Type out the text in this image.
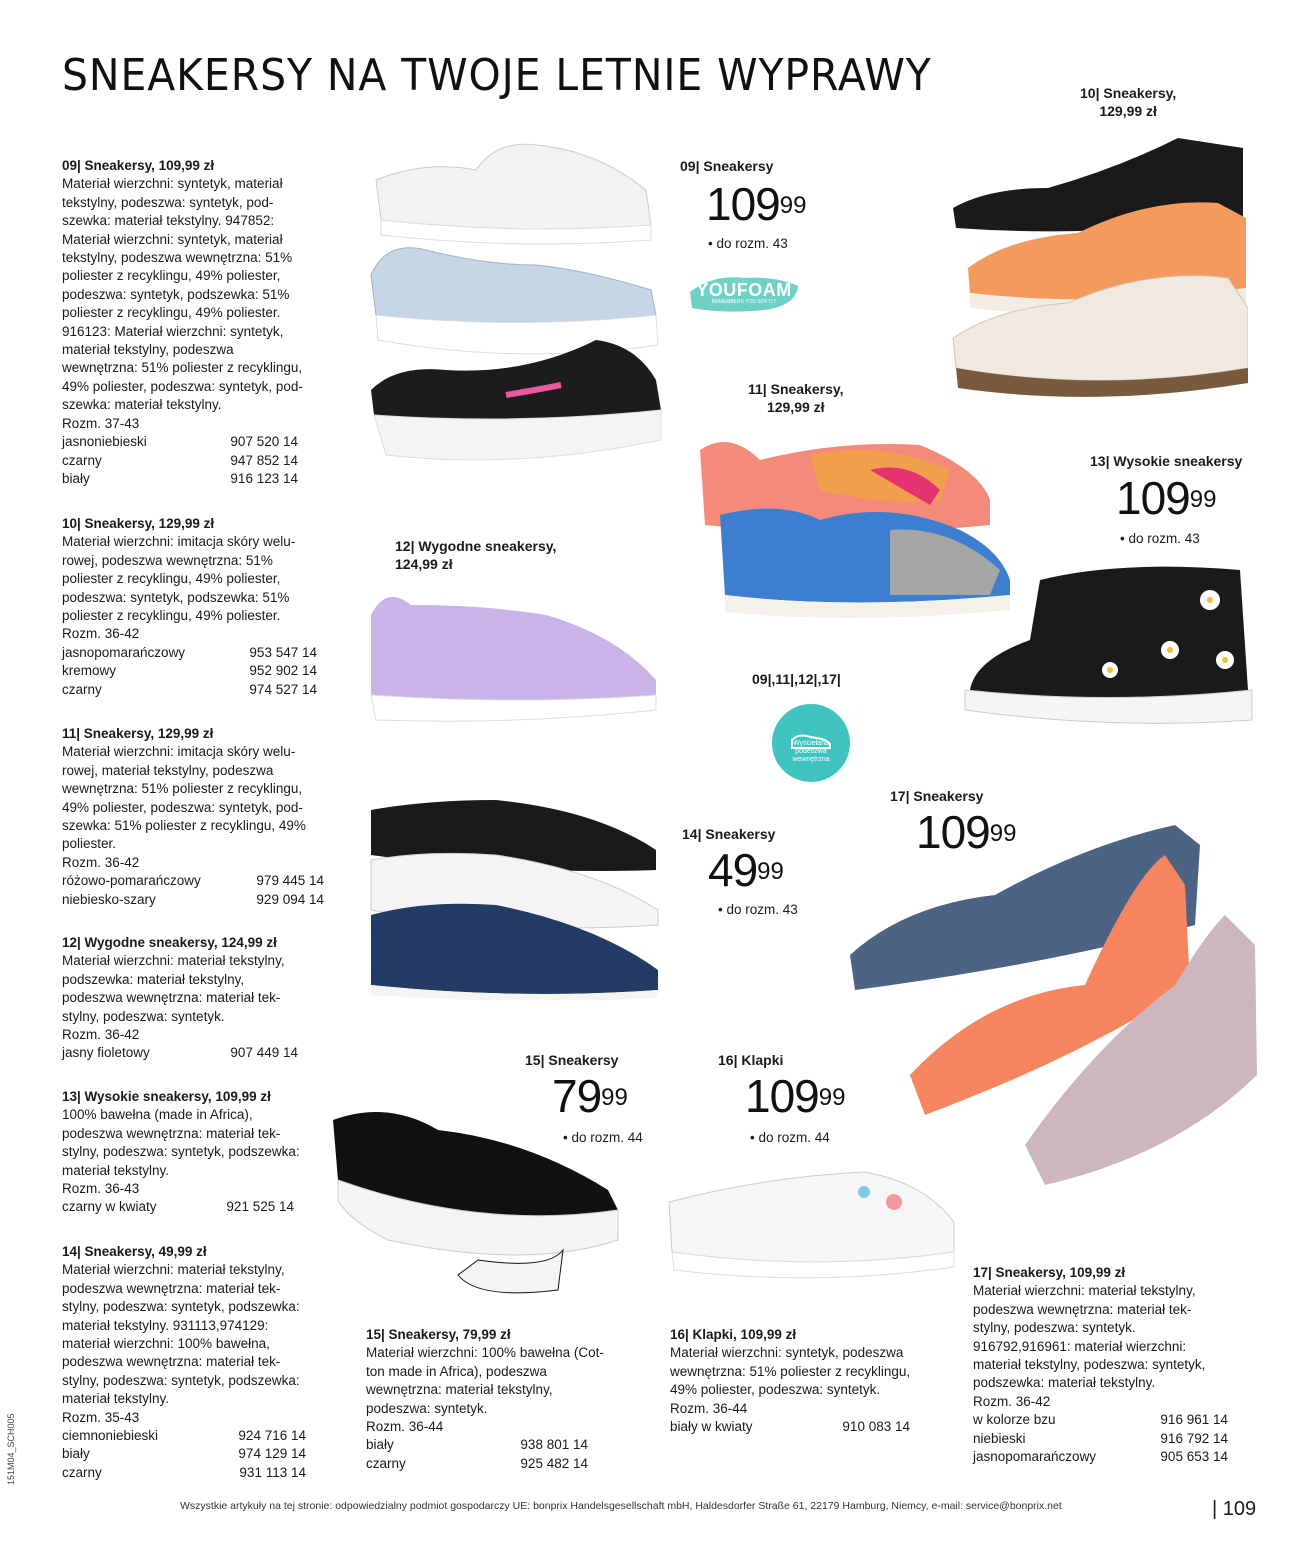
SNEAKERSY NA TWOJE LETNIE WYPRAWY
09| Sneakersy, 109,99 zł
Materiał wierzchni: syntetyk, materiał
tekstylny, podeszwa: syntetyk, pod-
szewka: materiał tekstylny. 947852:
Materiał wierzchni: syntetyk, materiał
tekstylny, podeszwa wewnętrzna: 51%
poliester z recyklingu, 49% poliester,
podeszwa: syntetyk, podszewka: 51%
poliester z recyklingu, 49% poliester.
916123: Materiał wierzchni: syntetyk,
materiał tekstylny, podeszwa
wewnętrzna: 51% poliester z recyklingu,
49% poliester, podeszwa: syntetyk, pod-
szewka: materiał tekstylny.
Rozm. 37-43
jasnoniebieski	907 520 14
czarny	947 852 14
biały	916 123 14
10| Sneakersy, 129,99 zł
Materiał wierzchni: imitacja skóry welu-
rowej, podeszwa wewnętrzna: 51%
poliester z recyklingu, 49% poliester,
podeszwa: syntetyk, podszewka: 51%
poliester z recyklingu, 49% poliester.
Rozm. 36-42
jasnopomarańczowy	953 547 14
kremowy	952 902 14
czarny	974 527 14
11| Sneakersy, 129,99 zł
Materiał wierzchni: imitacja skóry welu-
rowej, materiał tekstylny, podeszwa
wewnętrzna: 51% poliester z recyklingu,
49% poliester, podeszwa: syntetyk, pod-
szewka: 51% poliester z recyklingu, 49%
poliester.
Rozm. 36-42
różowo-pomarańczowy	979 445 14
niebiesko-szary	929 094 14
12| Wygodne sneakersy, 124,99 zł
Materiał wierzchni: materiał tekstylny,
podszewka: materiał tekstylny,
podeszwa wewnętrzna: materiał tek-
stylny, podeszwa: syntetyk.
Rozm. 36-42
jasny fioletowy	907 449 14
13| Wysokie sneakersy, 109,99 zł
100% bawełna (made in Africa),
podeszwa wewnętrzna: materiał tek-
stylny, podeszwa: syntetyk, podszewka:
materiał tekstylny.
Rozm. 36-43
czarny w kwiaty	921 525 14
14| Sneakersy, 49,99 zł
Materiał wierzchni: materiał tekstylny,
podeszwa wewnętrzna: materiał tek-
stylny, podeszwa: syntetyk, podszewka:
materiał tekstylny. 931113,974129:
materiał wierzchni: 100% bawełna,
podeszwa wewnętrzna: materiał tek-
stylny, podeszwa: syntetyk, podszewka:
materiał tekstylny.
Rozm. 35-43
ciemnoniebieski	924 716 14
biały	974 129 14
czarny	931 113 14
15| Sneakersy, 79,99 zł
Materiał wierzchni: 100% bawełna (Cot-
ton made in Africa), podeszwa
wewnętrzna: materiał tekstylny,
podeszwa: syntetyk.
Rozm. 36-44
biały	938 801 14
czarny	925 482 14
16| Klapki, 109,99 zł
Materiał wierzchni: syntetyk, podeszwa
wewnętrzna: 51% poliester z recyklingu,
49% poliester, podeszwa: syntetyk.
Rozm. 36-44
biały w kwiaty	910 083 14
17| Sneakersy, 109,99 zł
Materiał wierzchni: materiał tekstylny,
podeszwa wewnętrzna: materiał tek-
stylny, podeszwa: syntetyk.
916792,916961: materiał wierzchni:
materiał tekstylny, podeszwa: syntetyk,
podszewka: materiał tekstylny.
Rozm. 36-42
w kolorze bzu	916 961 14
niebieski	916 792 14
jasnopomarańczowy	905 653 14
09| Sneakersy
$109^{99}$
• do rozm. 43
10| Sneakersy,
129,99 zł
11| Sneakersy,
129,99 zł
12| Wygodne sneakersy,
124,99 zł
13| Wysokie sneakersy
$109^{99}$
• do rozm. 43
09|,11|,12|,17|
Wyściełana
podeszwa
wewnętrzna
14| Sneakersy
$49^{99}$
• do rozm. 43
15| Sneakersy
$79^{99}$
• do rozm. 44
16| Klapki
$109^{99}$
• do rozm. 44
17| Sneakersy
$109^{99}$
YOUFOAM
REMEMBERS YOU SOFTLY
Wszystkie artykuły na tej stronie: odpowiedzialny podmiot gospodarczy UE: bonprix Handelsgesellschaft mbH, Haldesdorfer Straße 61, 22179 Hamburg, Niemcy, e-mail: service@bonprix.net	| 109
151M04_SCH005
